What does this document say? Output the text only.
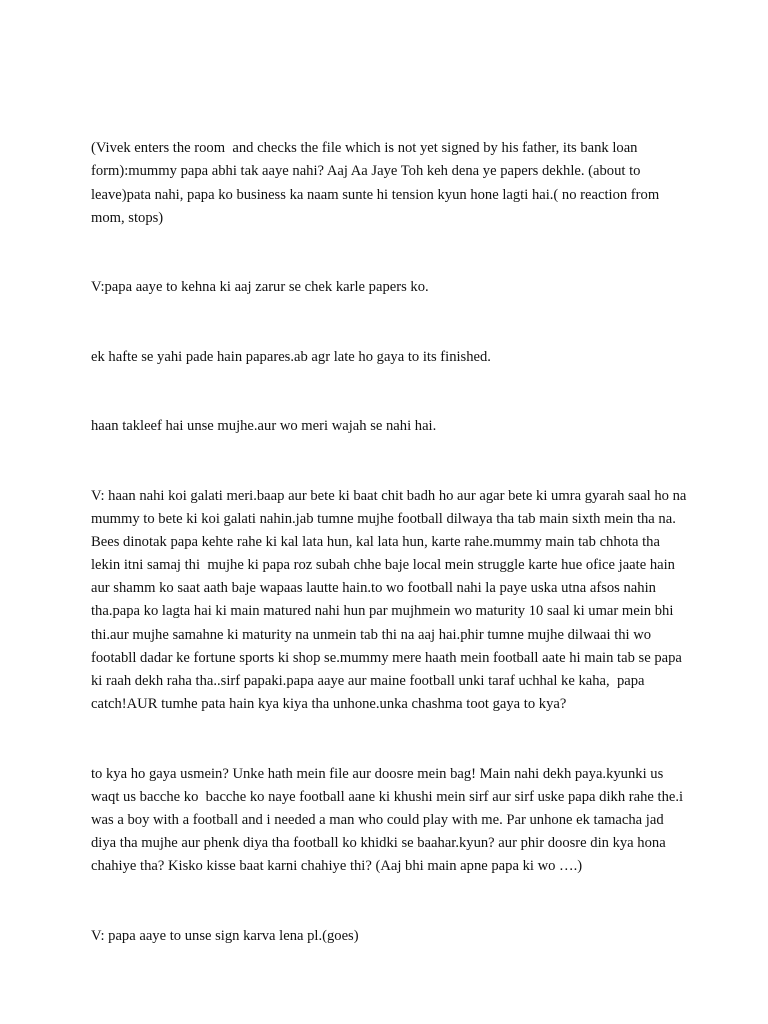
(Vivek enters the room  and checks the file which is not yet signed by his father, its bank loan form):mummy papa abhi tak aaye nahi? Aaj Aa Jaye Toh keh dena ye papers dekhle. (about to leave)pata nahi, papa ko business ka naam sunte hi tension kyun hone lagti hai.( no reaction from mom, stops)

V:papa aaye to kehna ki aaj zarur se chek karle papers ko.

ek hafte se yahi pade hain papares.ab agr late ho gaya to its finished.

haan takleef hai unse mujhe.aur wo meri wajah se nahi hai.

V: haan nahi koi galati meri.baap aur bete ki baat chit badh ho aur agar bete ki umra gyarah saal ho na mummy to bete ki koi galati nahin.jab tumne mujhe football dilwaya tha tab main sixth mein tha na. Bees dinotak papa kehte rahe ki kal lata hun, kal lata hun, karte rahe.mummy main tab chhota tha lekin itni samaj thi  mujhe ki papa roz subah chhe baje local mein struggle karte hue ofice jaate hain aur shamm ko saat aath baje wapaas lautte hain.to wo football nahi la paye uska utna afsos nahin tha.papa ko lagta hai ki main matured nahi hun par mujhmein wo maturity 10 saal ki umar mein bhi thi.aur mujhe samahne ki maturity na unmein tab thi na aaj hai.phir tumne mujhe dilwaai thi wo footabll dadar ke fortune sports ki shop se.mummy mere haath mein football aate hi main tab se papa ki raah dekh raha tha..sirf papaki.papa aaye aur maine football unki taraf uchhal ke kaha,  papa catch!AUR tumhe pata hain kya kiya tha unhone.unka chashma toot gaya to kya?

to kya ho gaya usmein? Unke hath mein file aur doosre mein bag! Main nahi dekh paya.kyunki us waqt us bacche ko  bacche ko naye football aane ki khushi mein sirf aur sirf uske papa dikh rahe the.i was a boy with a football and i needed a man who could play with me. Par unhone ek tamacha jad diya tha mujhe aur phenk diya tha football ko khidki se baahar.kyun? aur phir doosre din kya hona chahiye tha? Kisko kisse baat karni chahiye thi? (Aaj bhi main apne papa ki wo ….)

V: papa aaye to unse sign karva lena pl.(goes)
